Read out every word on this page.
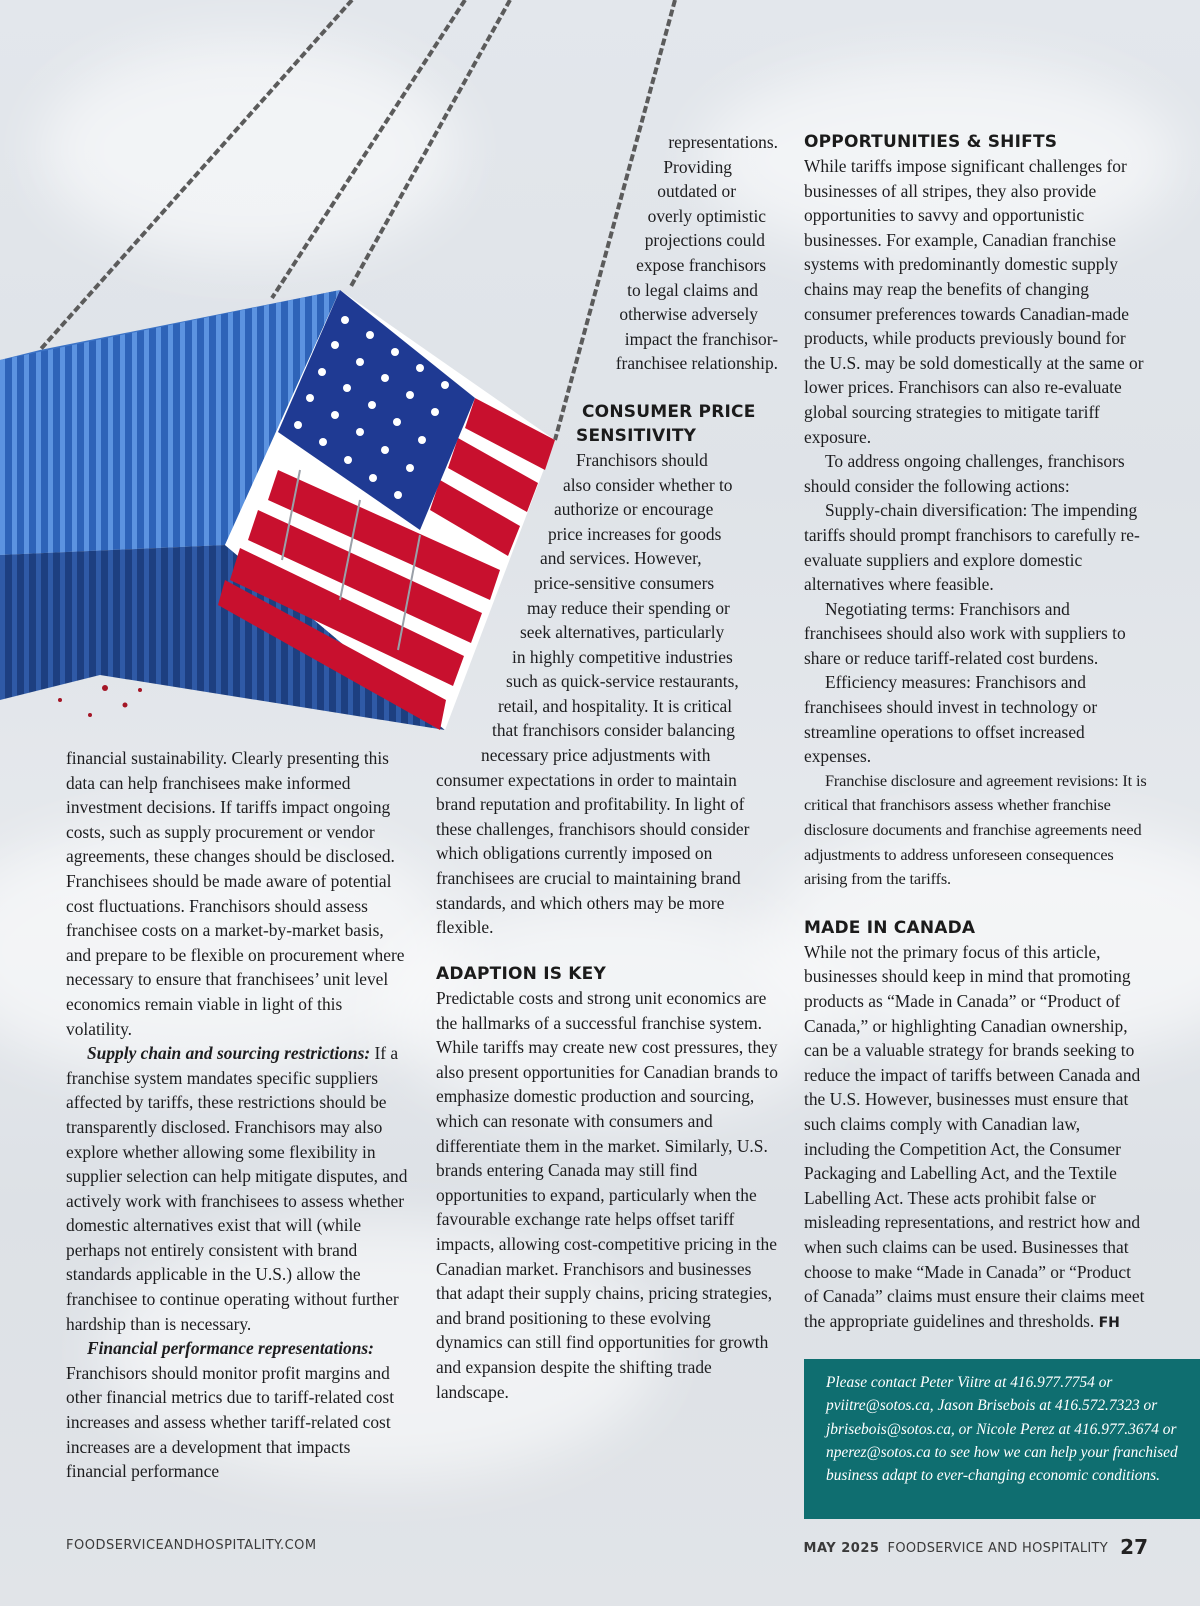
representations.
Providing
outdated or
overly optimistic
projections could
expose franchisors
to legal claims and
otherwise adversely
impact the franchisor-
franchisee relationship.
CONSUMER PRICE
SENSITIVITY
Franchisors should
also consider whether to
authorize or encourage
price increases for goods
and services. However,
price-sensitive consumers
may reduce their spending or
seek alternatives, particularly
in highly competitive industries
such as quick-service restaurants,
retail, and hospitality. It is critical
that franchisors consider balancing
necessary price adjustments with

consumer expectations in order to maintain brand reputation and profitability. In light of these challenges, franchisors should consider which obligations currently imposed on franchisees are crucial to maintaining brand standards, and which others may be more flexible.

ADAPTION IS KEY

Predictable costs and strong unit economics are the hallmarks of a successful franchise system. While tariffs may create new cost pressures, they also present opportunities for Canadian brands to emphasize domestic production and sourcing, which can resonate with consumers and differentiate them in the market. Similarly, U.S. brands entering Canada may still find opportunities to expand, particularly when the favourable exchange rate helps offset tariff impacts, allowing cost-competitive pricing in the Canadian market. Franchisors and businesses that adapt their supply chains, pricing strategies, and brand positioning to these evolving dynamics can still find opportunities for growth and expansion despite the shifting trade landscape.

financial sustainability. Clearly presenting this data can help franchisees make informed investment decisions. If tariffs impact ongoing costs, such as supply procurement or vendor agreements, these changes should be disclosed. Franchisees should be made aware of potential cost fluctuations. Franchisors should assess franchisee costs on a market-by-market basis, and prepare to be flexible on procurement where necessary to ensure that franchisees’ unit level economics remain viable in light of this volatility.

Supply chain and sourcing restrictions: If a franchise system mandates specific suppliers affected by tariffs, these restrictions should be transparently disclosed. Franchisors may also explore whether allowing some flexibility in supplier selection can help mitigate disputes, and actively work with franchisees to assess whether domestic alternatives exist that will (while perhaps not entirely consistent with brand standards applicable in the U.S.) allow the franchisee to continue operating without further hardship than is necessary.

Financial performance representations: Franchisors should monitor profit margins and other financial metrics due to tariff-related cost increases and assess whether tariff-related cost increases are a development that impacts financial performance

OPPORTUNITIES & SHIFTS

While tariffs impose significant challenges for businesses of all stripes, they also provide opportunities to savvy and opportunistic businesses. For example, Canadian franchise systems with predominantly domestic supply chains may reap the benefits of changing consumer preferences towards Canadian-made products, while products previously bound for the U.S. may be sold domestically at the same or lower prices. Franchisors can also re-evaluate global sourcing strategies to mitigate tariff exposure.

To address ongoing challenges, franchisors should consider the following actions:

Supply-chain diversification: The impending tariffs should prompt franchisors to carefully re-evaluate suppliers and explore domestic alternatives where feasible.

Negotiating terms: Franchisors and franchisees should also work with suppliers to share or reduce tariff-related cost burdens.

Efficiency measures: Franchisors and franchisees should invest in technology or streamline operations to offset increased expenses.

Franchise disclosure and agreement revisions: It is critical that franchisors assess whether franchise disclosure documents and franchise agreements need adjustments to address unforeseen consequences arising from the tariffs.

MADE IN CANADA

While not the primary focus of this article, businesses should keep in mind that promoting products as “Made in Canada” or “Product of Canada,” or highlighting Canadian ownership, can be a valuable strategy for brands seeking to reduce the impact of tariffs between Canada and the U.S. However, businesses must ensure that such claims comply with Canadian law, including the Competition Act, the Consumer Packaging and Labelling Act, and the Textile Labelling Act. These acts prohibit false or misleading representations, and restrict how and when such claims can be used. Businesses that choose to make “Made in Canada” or “Product of Canada” claims must ensure their claims meet the appropriate guidelines and thresholds. FH

Please contact Peter Viitre at 416.977.7754 or pviitre@sotos.ca, Jason Brisebois at 416.572.7323 or jbrisebois@sotos.ca, or Nicole Perez at 416.977.3674 or nperez@sotos.ca to see how we can help your franchised business adapt to ever-changing economic conditions.

FOODSERVICEANDHOSPITALITY.COM	MAY 2025 FOODSERVICE AND HOSPITALITY 27
